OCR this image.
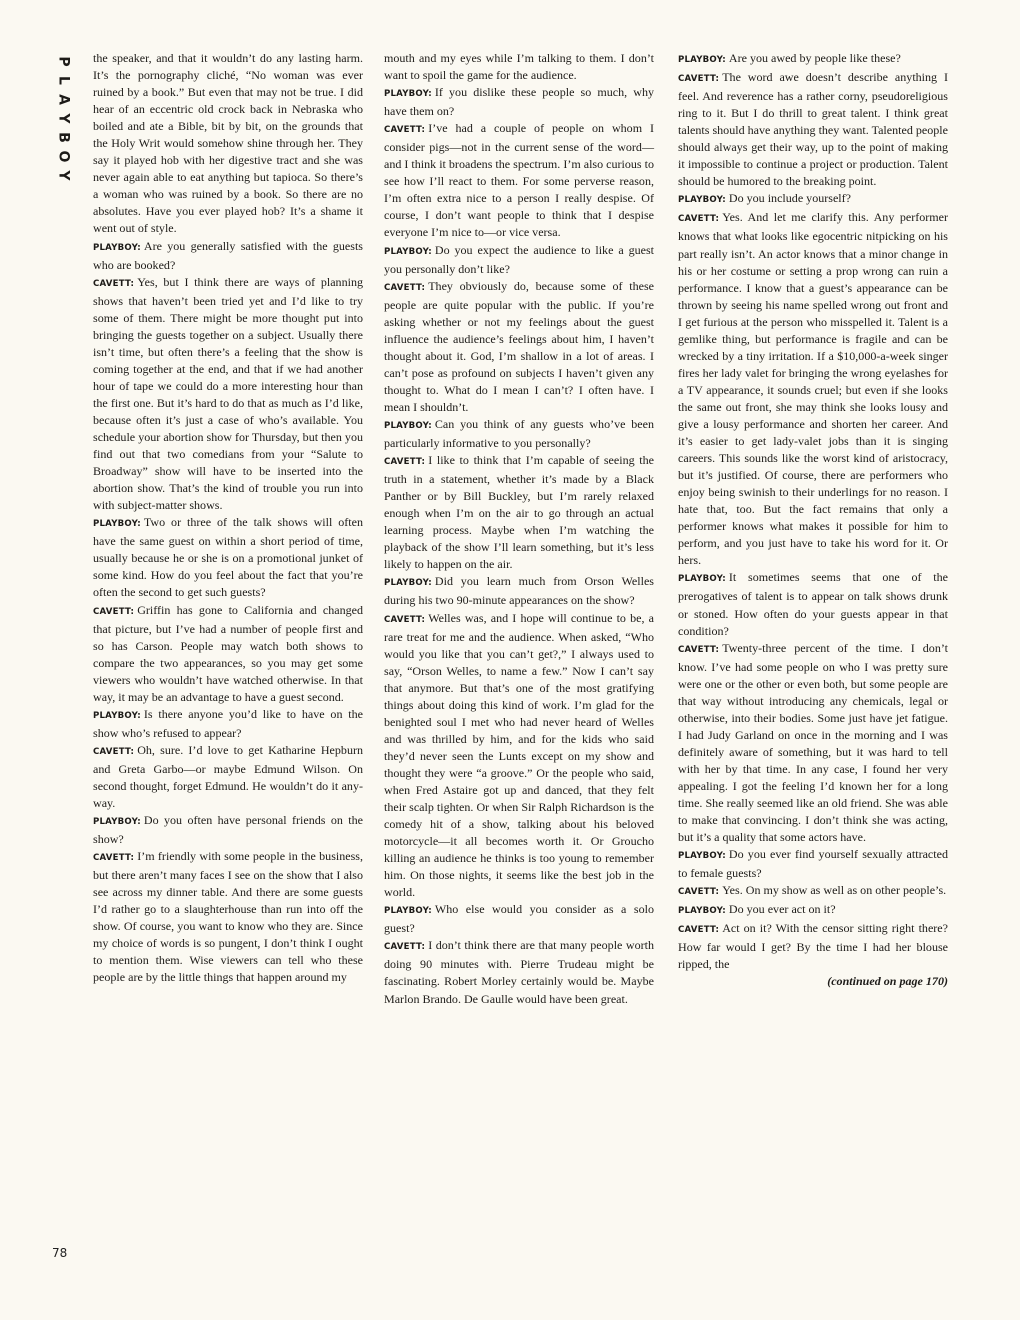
P
L
A
Y
B
O
Y
78

the speaker, and that it wouldn’t do any lasting harm. It’s the pornography cliché, “No woman was ever ruined by a book.” But even that may not be true. I did hear of an eccentric old crock back in Nebraska who boiled and ate a Bible, bit by bit, on the grounds that the Holy Writ would somehow shine through her. They say it played hob with her digestive tract and she was never again able to eat anything but tapioca. So there’s a woman who was ruined by a book. So there are no absolutes. Have you ever played hob? It’s a shame it went out of style.

PLAYBOY: Are you generally satisfied with the guests who are booked?

CAVETT: Yes, but I think there are ways of planning shows that haven’t been tried yet and I’d like to try some of them. There might be more thought put into bringing the guests together on a subject. Usually there isn’t time, but often there’s a feeling that the show is coming together at the end, and that if we had another hour of tape we could do a more interesting hour than the first one. But it’s hard to do that as much as I’d like, because often it’s just a case of who’s available. You schedule your abortion show for Thursday, but then you find out that two comedians from your “Salute to Broadway” show will have to be inserted into the abortion show. That’s the kind of trouble you run into with subject-matter shows.

PLAYBOY: Two or three of the talk shows will often have the same guest on within a short period of time, usually because he or she is on a promotional junket of some kind. How do you feel about the fact that you’re often the second to get such guests?

CAVETT: Griffin has gone to California and changed that picture, but I’ve had a number of people first and so has Carson. People may watch both shows to compare the two appearances, so you may get some viewers who wouldn’t have watched otherwise. In that way, it may be an advantage to have a guest second.

PLAYBOY: Is there anyone you’d like to have on the show who’s refused to appear?

CAVETT: Oh, sure. I’d love to get Katharine Hepburn and Greta Garbo—or maybe Edmund Wilson. On second thought, forget Edmund. He wouldn’t do it anyway.

PLAYBOY: Do you often have personal friends on the show?

CAVETT: I’m friendly with some people in the business, but there aren’t many faces I see on the show that I also see across my dinner table. And there are some guests I’d rather go to a slaughterhouse than run into off the show. Of course, you want to know who they are. Since my choice of words is so pungent, I don’t think I ought to mention them. Wise viewers can tell who these people are by the little things that happen around my

mouth and my eyes while I’m talking to them. I don’t want to spoil the game for the audience.

PLAYBOY: If you dislike these people so much, why have them on?

CAVETT: I’ve had a couple of people on whom I consider pigs—not in the current sense of the word—and I think it broadens the spectrum. I’m also curious to see how I’ll react to them. For some perverse reason, I’m often extra nice to a person I really despise. Of course, I don’t want people to think that I despise everyone I’m nice to—or vice versa.

PLAYBOY: Do you expect the audience to like a guest you personally don’t like?

CAVETT: They obviously do, because some of these people are quite popular with the public. If you’re asking whether or not my feelings about the guest influence the audience’s feelings about him, I haven’t thought about it. God, I’m shallow in a lot of areas. I can’t pose as profound on subjects I haven’t given any thought to. What do I mean I can’t? I often have. I mean I shouldn’t.

PLAYBOY: Can you think of any guests who’ve been particularly informative to you personally?

CAVETT: I like to think that I’m capable of seeing the truth in a statement, whether it’s made by a Black Panther or by Bill Buckley, but I’m rarely relaxed enough when I’m on the air to go through an actual learning process. Maybe when I’m watching the playback of the show I’ll learn something, but it’s less likely to happen on the air.

PLAYBOY: Did you learn much from Orson Welles during his two 90-minute appearances on the show?

CAVETT: Welles was, and I hope will continue to be, a rare treat for me and the audience. When asked, “Who would you like that you can’t get?,” I always used to say, “Orson Welles, to name a few.” Now I can’t say that anymore. But that’s one of the most gratifying things about doing this kind of work. I’m glad for the benighted soul I met who had never heard of Welles and was thrilled by him, and for the kids who said they’d never seen the Lunts except on my show and thought they were “a groove.” Or the people who said, when Fred Astaire got up and danced, that they felt their scalp tighten. Or when Sir Ralph Richardson is the comedy hit of a show, talking about his beloved motorcycle—it all becomes worth it. Or Groucho killing an audience he thinks is too young to remember him. On those nights, it seems like the best job in the world.

PLAYBOY: Who else would you consider as a solo guest?

CAVETT: I don’t think there are that many people worth doing 90 minutes with. Pierre Trudeau might be fascinating. Robert Morley certainly would be. Maybe Marlon Brando. De Gaulle would have been great.

PLAYBOY: Are you awed by people like these?

CAVETT: The word awe doesn’t describe anything I feel. And reverence has a rather corny, pseudoreligious ring to it. But I do thrill to great talent. I think great talents should have anything they want. Talented people should always get their way, up to the point of making it impossible to continue a project or production. Talent should be humored to the breaking point.

PLAYBOY: Do you include yourself?

CAVETT: Yes. And let me clarify this. Any performer knows that what looks like egocentric nitpicking on his part really isn’t. An actor knows that a minor change in his or her costume or setting a prop wrong can ruin a performance. I know that a guest’s appearance can be thrown by seeing his name spelled wrong out front and I get furious at the person who misspelled it. Talent is a gemlike thing, but performance is fragile and can be wrecked by a tiny irritation. If a $10,000-a-week singer fires her lady valet for bringing the wrong eyelashes for a TV appearance, it sounds cruel; but even if she looks the same out front, she may think she looks lousy and give a lousy performance and shorten her career. And it’s easier to get lady-valet jobs than it is singing careers. This sounds like the worst kind of aristocracy, but it’s justified. Of course, there are performers who enjoy being swinish to their underlings for no reason. I hate that, too. But the fact remains that only a performer knows what makes it possible for him to perform, and you just have to take his word for it. Or hers.

PLAYBOY: It sometimes seems that one of the prerogatives of talent is to appear on talk shows drunk or stoned. How often do your guests appear in that condition?

CAVETT: Twenty-three percent of the time. I don’t know. I’ve had some people on who I was pretty sure were one or the other or even both, but some people are that way without introducing any chemicals, legal or otherwise, into their bodies. Some just have jet fatigue. I had Judy Garland on once in the morning and I was definitely aware of something, but it was hard to tell with her by that time. In any case, I found her very appealing. I got the feeling I’d known her for a long time. She really seemed like an old friend. She was able to make that convincing. I don’t think she was acting, but it’s a quality that some actors have.

PLAYBOY: Do you ever find yourself sexually attracted to female guests?

CAVETT: Yes. On my show as well as on other people’s.

PLAYBOY: Do you ever act on it?

CAVETT: Act on it? With the censor sitting right there? How far would I get? By the time I had her blouse ripped, the

(continued on page 170)
